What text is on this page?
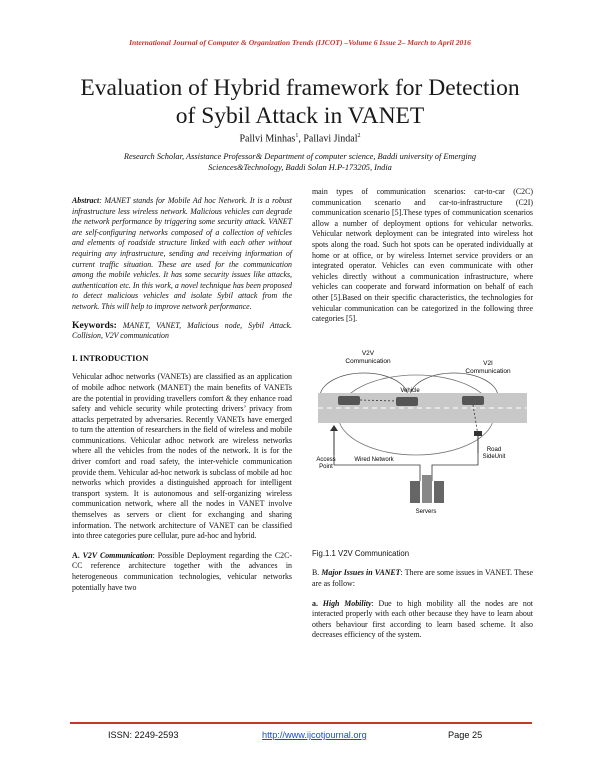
International Journal of Computer & Organization Trends (IJCOT) –Volume 6 Issue 2– March to April 2016
Evaluation of Hybrid framework for Detection
of Sybil Attack in VANET
Pallvi Minhas$^1$, Pallavi Jindal$^2$
Research Scholar, Assistance Professor& Department of computer science, Baddi university of Emerging
Sciences&Technology, Baddi Solan H.P-173205, India

Abstract: MANET stands for Mobile Ad hoc Network. It is a robust infrastructure less wireless network. Malicious vehicles can degrade the network performance by triggering some security attack. VANET are self-configuring networks composed of a collection of vehicles and elements of roadside structure linked with each other without requiring any infrastructure, sending and receiving information of current traffic situation. These are used for the communication among the mobile vehicles. It has some security issues like attacks, authentication etc. In this work, a novel technique has been proposed to detect malicious vehicles and isolate Sybil attack from the network. This will help to improve network performance.

Keywords: MANET, VANET, Malicious node, Sybil Attack. Collision, V2V communication

I. INTRODUCTION

Vehicular adhoc networks (VANETs) are classified as an application of mobile adhoc network (MANET) the main benefits of VANETs are the potential in providing travellers comfort & they enhance road safety and vehicle security while protecting drivers’ privacy from attacks perpetrated by adversaries. Recently VANETs have emerged to turn the attention of researchers in the field of wireless and mobile communications. Vehicular adhoc network are wireless networks where all the vehicles from the nodes of the network. It is for the driver comfort and road safety, the inter-vehicle communication provide them. Vehicular ad-hoc network is subclass of mobile ad hoc networks which provides a distinguished approach for intelligent transport system. It is autonomous and self-organizing wireless communication network, where all the nodes in VANET involve themselves as servers or client for exchanging and sharing information. The network architecture of VANET can be classified into three categories pure cellular, pure ad-hoc and hybrid.

A. V2V Communication: Possible Deployment regarding the C2C-CC reference architecture together with the advances in heterogeneous communication technologies, vehicular networks potentially have two

main types of communication scenarios: car-to-car (C2C) communication scenario and car-to-infrastructure (C2I) communication scenario [5].These types of communication scenarios allow a number of deployment options for vehicular networks. Vehicular network deployment can be integrated into wireless hot spots along the road. Such hot spots can be operated individually at home or at office, or by wireless Internet service providers or an integrated operator. Vehicles can even communicate with other vehicles directly without a communication infrastructure, where vehicles can cooperate and forward information on behalf of each other [5].Based on their specific characteristics, the technologies for vehicular communication can be categorized in the following three categories [5].

V2V
Communication	V2I
Communication
Vehicle
Access
Point
Wired Network
Road
SideUnit
Servers

Fig.1.1 V2V Communication

B. Major Issues in VANET: There are some issues in VANET. These are as follow:

a. High Mobility: Due to high mobility all the nodes are not interacted properly with each other because they have to learn about others behaviour first according to learn based scheme. It also decreases efficiency of the system.

ISSN: 2249-2593	http://www.ijcotjournal.org	Page 25
